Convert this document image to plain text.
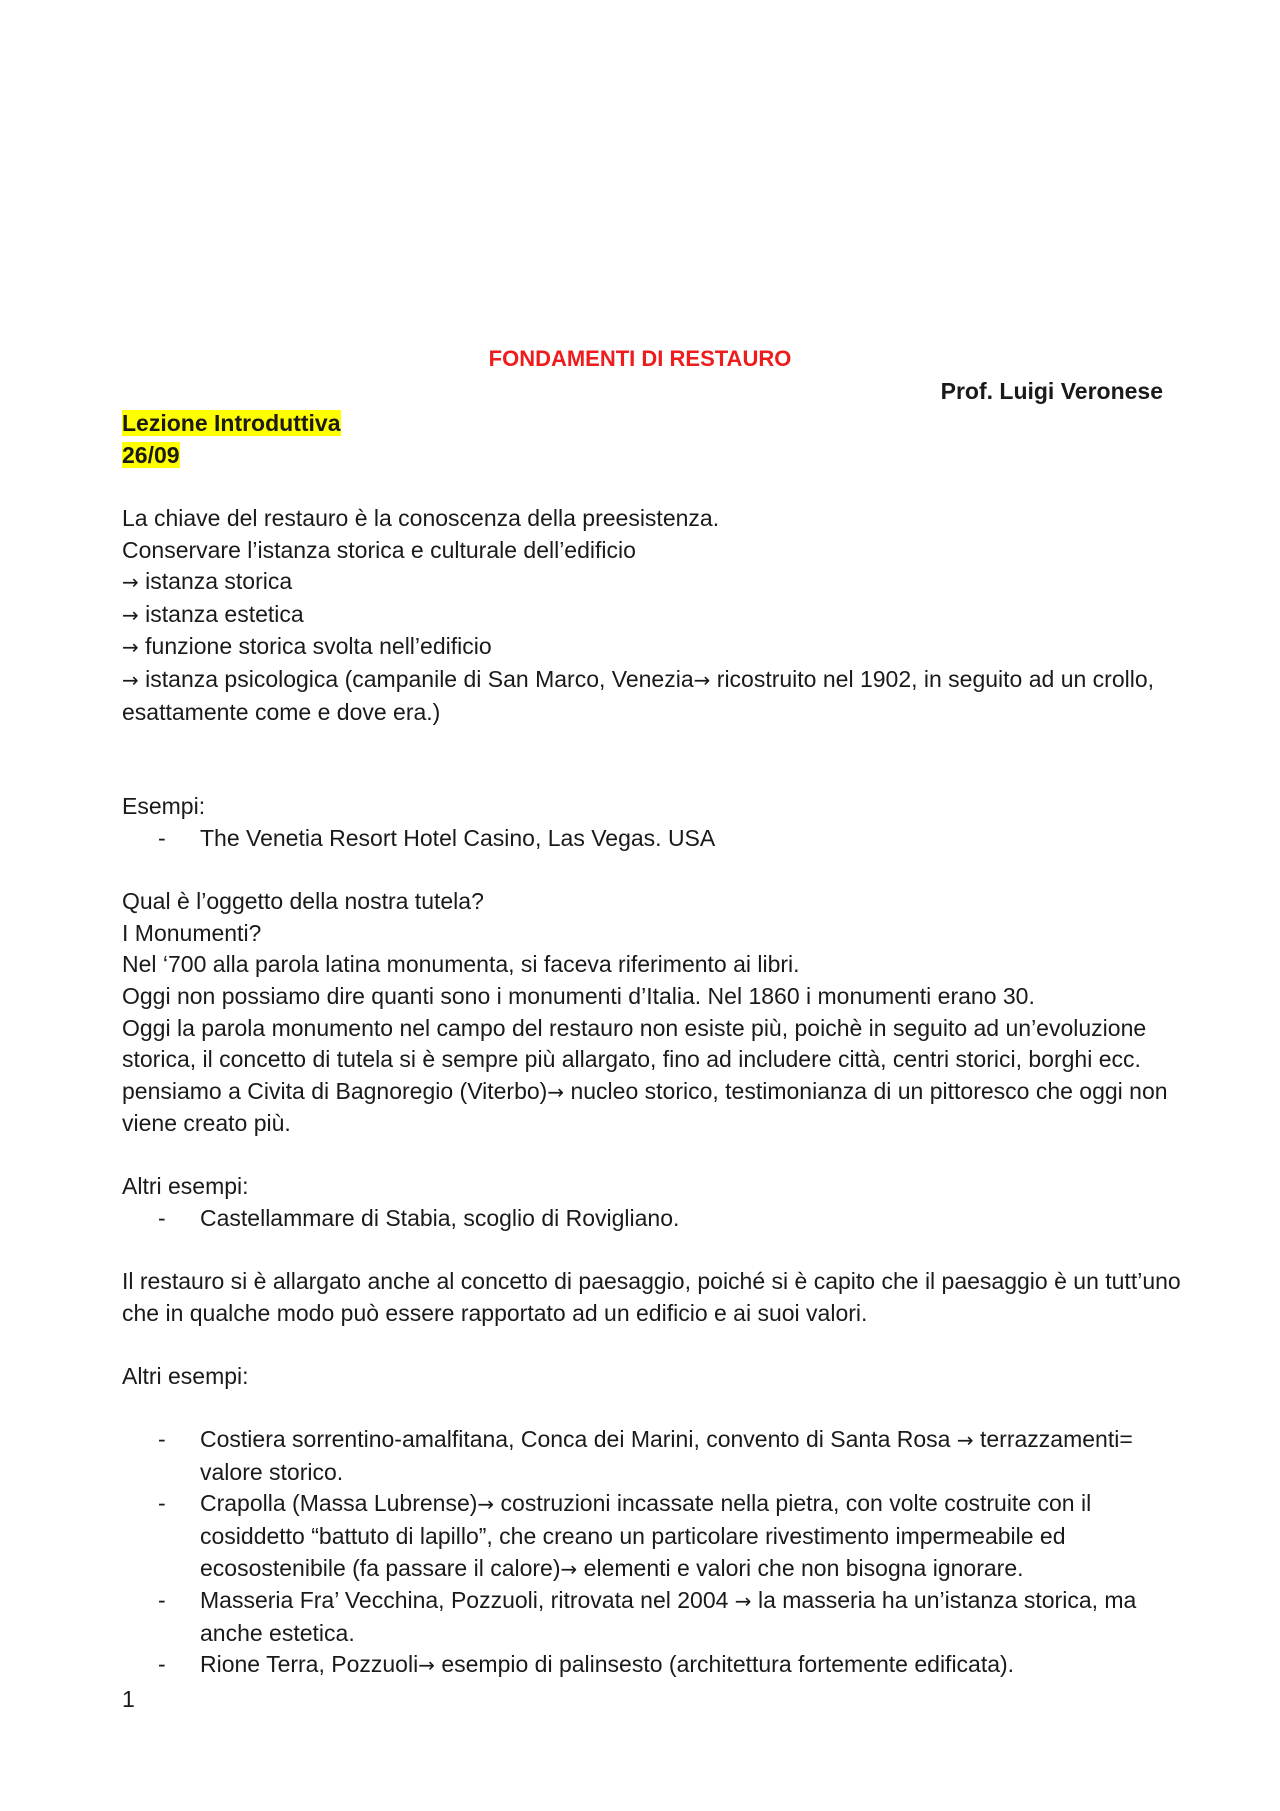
FONDAMENTI DI RESTAURO

Prof. Luigi Veronese

Lezione Introduttiva
26/09

La chiave del restauro è la conoscenza della preesistenza.

Conservare l’istanza storica e culturale dell’edificio

→ istanza storica

→ istanza estetica

→ funzione storica svolta nell’edificio

→ istanza psicologica (campanile di San Marco, Venezia→ ricostruito nel 1902, in seguito ad un crollo, esattamente come e dove era.)

Esempi:

- The Venetia Resort Hotel Casino, Las Vegas. USA

Qual è l’oggetto della nostra tutela?

I Monumenti?

Nel ‘700 alla parola latina monumenta, si faceva riferimento ai libri.

Oggi non possiamo dire quanti sono i monumenti d’Italia. Nel 1860 i monumenti erano 30.

Oggi la parola monumento nel campo del restauro non esiste più, poichè in seguito ad un’evoluzione storica, il concetto di tutela si è sempre più allargato, fino ad includere città, centri storici, borghi ecc. pensiamo a Civita di Bagnoregio (Viterbo)→ nucleo storico, testimonianza di un pittoresco che oggi non viene creato più.

Altri esempi:

- Castellammare di Stabia, scoglio di Rovigliano.

Il restauro si è allargato anche al concetto di paesaggio, poiché si è capito che il paesaggio è un tutt’uno che in qualche modo può essere rapportato ad un edificio e ai suoi valori.

Altri esempi:

- Costiera sorrentino-amalfitana, Conca dei Marini, convento di Santa Rosa → terrazzamenti= valore storico.
- Crapolla (Massa Lubrense)→ costruzioni incassate nella pietra, con volte costruite con il cosiddetto “battuto di lapillo”, che creano un particolare rivestimento impermeabile ed ecosostenibile (fa passare il calore)→ elementi e valori che non bisogna ignorare.
- Masseria Fra’ Vecchina, Pozzuoli, ritrovata nel 2004 → la masseria ha un’istanza storica, ma anche estetica.
- Rione Terra, Pozzuoli→ esempio di palinsesto (architettura fortemente edificata).

1
